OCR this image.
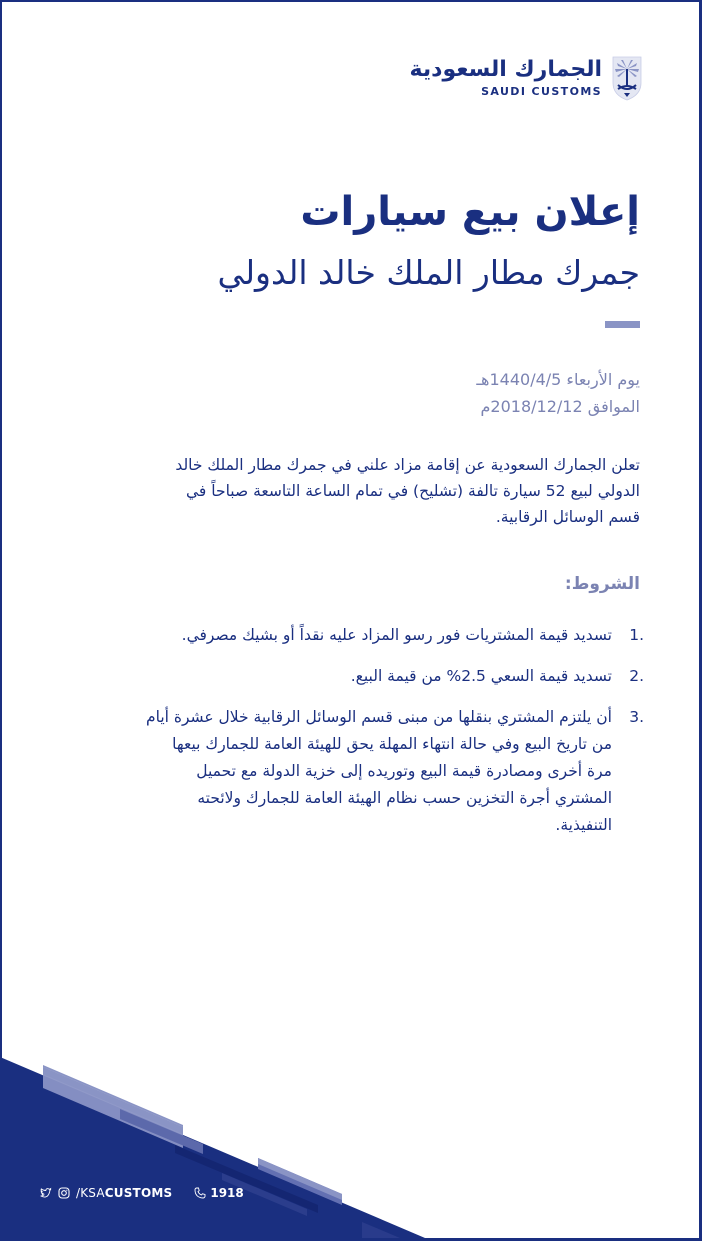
الجمارك السعودية
SAUDI CUSTOMS
إعلان بيع سيارات
جمرك مطار الملك خالد الدولي
يوم الأربعاء 1440/4/5هـ
الموافق 2018/12/12م
تعلن الجمارك السعودية عن إقامة مزاد علني في جمرك مطار الملك خالد الدولي لبيع 52 سيارة تالفة (تشليح) في تمام الساعة التاسعة صباحاً في قسم الوسائل الرقابية.
الشروط:
1.
تسديد قيمة المشتريات فور رسو المزاد عليه نقداً أو بشيك مصرفي.
2.
تسديد قيمة السعي 2.5% من قيمة البيع.
3.
أن يلتزم المشتري بنقلها من مبنى قسم الوسائل الرقابية خلال عشرة أيام من تاريخ البيع وفي حالة انتهاء المهلة يحق للهيئة العامة للجمارك بيعها مرة أخرى ومصادرة قيمة البيع وتوريده إلى خزية الدولة مع تحميل المشتري أجرة التخزين حسب نظام الهيئة العامة للجمارك ولائحته التنفيذية.
/KSACUSTOMS	1918
